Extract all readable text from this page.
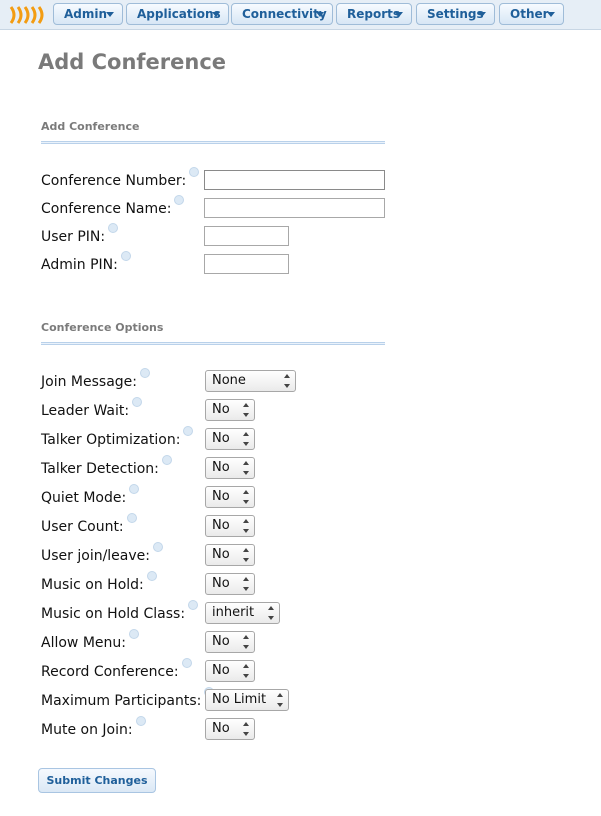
Admin	Applications	Connectivity	Reports	Settings	Other
Add Conference
Add Conference
Conference Number:
Conference Name:
User PIN:
Admin PIN:
Conference Options
Join Message:	None
Leader Wait:	No
Talker Optimization:	No
Talker Detection:	No
Quiet Mode:	No
User Count:	No
User join/leave:	No
Music on Hold:	No
Music on Hold Class:	inherit
Allow Menu:	No
Record Conference:	No
Maximum Participants: No Limit
Mute on Join:	No
Submit Changes
